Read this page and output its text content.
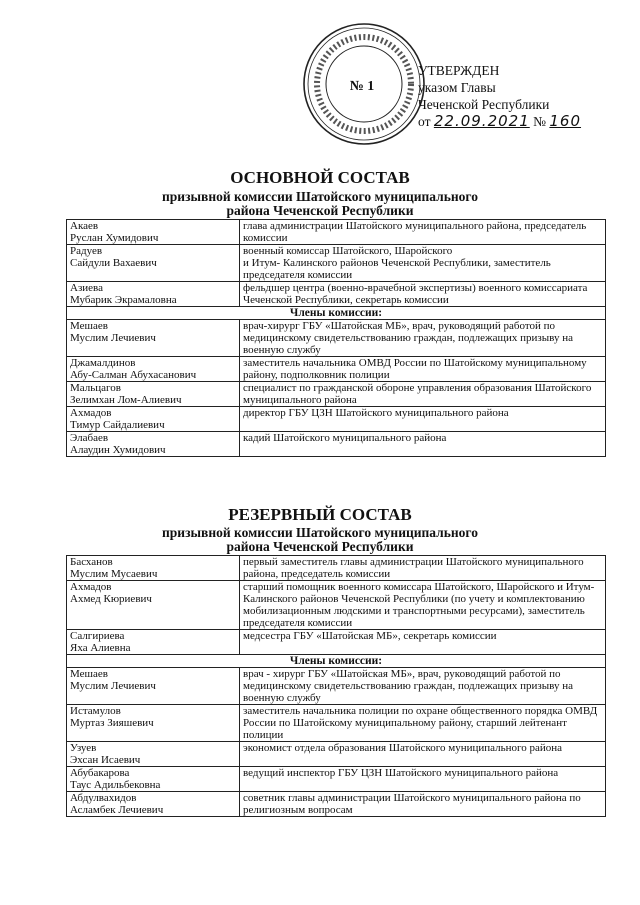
№ 1
УТВЕРЖДЕН
указом Главы
Чеченской Республики
от 22.09.2021 № 160
ОСНОВНОЙ СОСТАВ
призывной комиссии Шатойского муниципального
района Чеченской Республики
Акаев
Руслан Хумидович	глава администрации Шатойского муниципального района, председатель комиссии
Радуев
Сайдули Вахаевич	военный комиссар Шатойского, Шаройского
и Итум- Калинского районов Чеченской Республики, заместитель председателя комиссии
Азиева
Мубарик Экрамаловна	фельдшер центра (военно-врачебной экспертизы) военного комиссариата Чеченской Республики, секретарь комиссии
Члены комиссии:	
Мешаев
Муслим Лечиевич	врач-хирург ГБУ «Шатойская МБ», врач, руководящий работой по медицинскому свидетельствованию граждан, подлежащих призыву на военную службу
Джамалдинов
Абу-Салман Абухасанович	заместитель начальника ОМВД России по Шатойскому муниципальному району, подполковник полиции
Мальцагов
Зелимхан Лом-Алиевич	специалист по гражданской обороне управления образования Шатойского муниципального района
Ахмадов
Тимур Сайдалиевич	директор ГБУ ЦЗН Шатойского муниципального района
Элабаев
Алаудин Хумидович	кадий Шатойского муниципального района
РЕЗЕРВНЫЙ СОСТАВ
призывной комиссии Шатойского муниципального
района Чеченской Республики
Басханов
Муслим Мусаевич	первый заместитель главы администрации Шатойского муниципального района, председатель комиссии
Ахмадов
Ахмед Кюриевич	старший помощник военного комиссара Шатойского, Шаройского и Итум-Калинского районов Чеченской Республики (по учету и комплектованию мобилизационным людскими и транспортными ресурсами), заместитель председателя комиссии
Салгириева
Яха Алиевна	медсестра ГБУ «Шатойская МБ», секретарь комиссии
Члены комиссии:	
Мешаев
Муслим Лечиевич	врач - хирург ГБУ «Шатойская МБ», врач, руководящий работой по медицинскому свидетельствованию граждан, подлежащих призыву на военную службу
Истамулов
Муртаз Зияшевич	заместитель начальника полиции по охране общественного порядка ОМВД России по Шатойскому муниципальному району, старший лейтенант полиции
Узуев
Эхсан Исаевич	экономист отдела образования Шатойского муниципального района
Абубакарова
Таус Адильбековна	ведущий инспектор ГБУ ЦЗН Шатойского муниципального района
Абдулвахидов
Асламбек Лечиевич	советник главы администрации Шатойского муниципального района по религиозным вопросам
